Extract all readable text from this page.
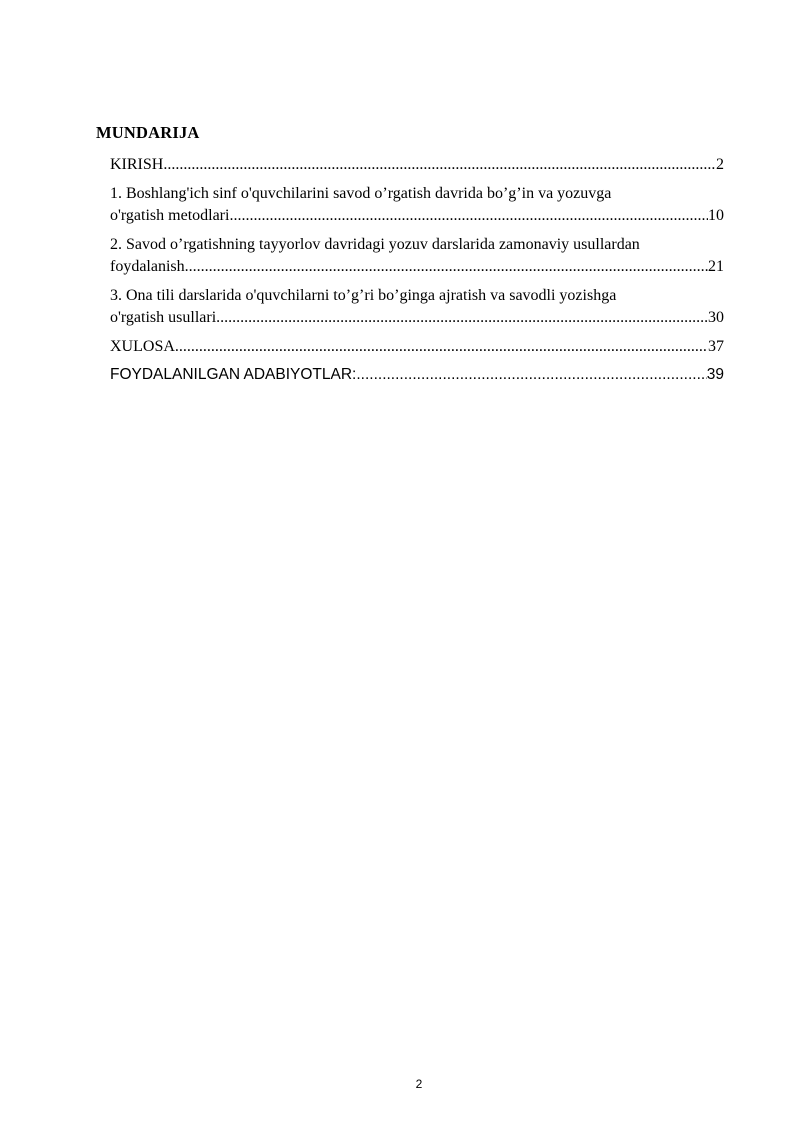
MUNDARIJA
KIRISH .....	2
1. Boshlang'ich sinf o'quvchilarini savod o’rgatish davrida bo’g’in va yozuvga
o'rgatish metodlari .....	10
2. Savod o’rgatishning tayyorlov davridagi yozuv darslarida zamonaviy usullardan
foydalanish .....	21
3. Ona tili darslarida o'quvchilarni to’g’ri bo’ginga ajratish va savodli yozishga
o'rgatish usullari .....	30
XULOSA .....	37
FOYDALANILGAN ADABIYOTLAR: .....	39
2
